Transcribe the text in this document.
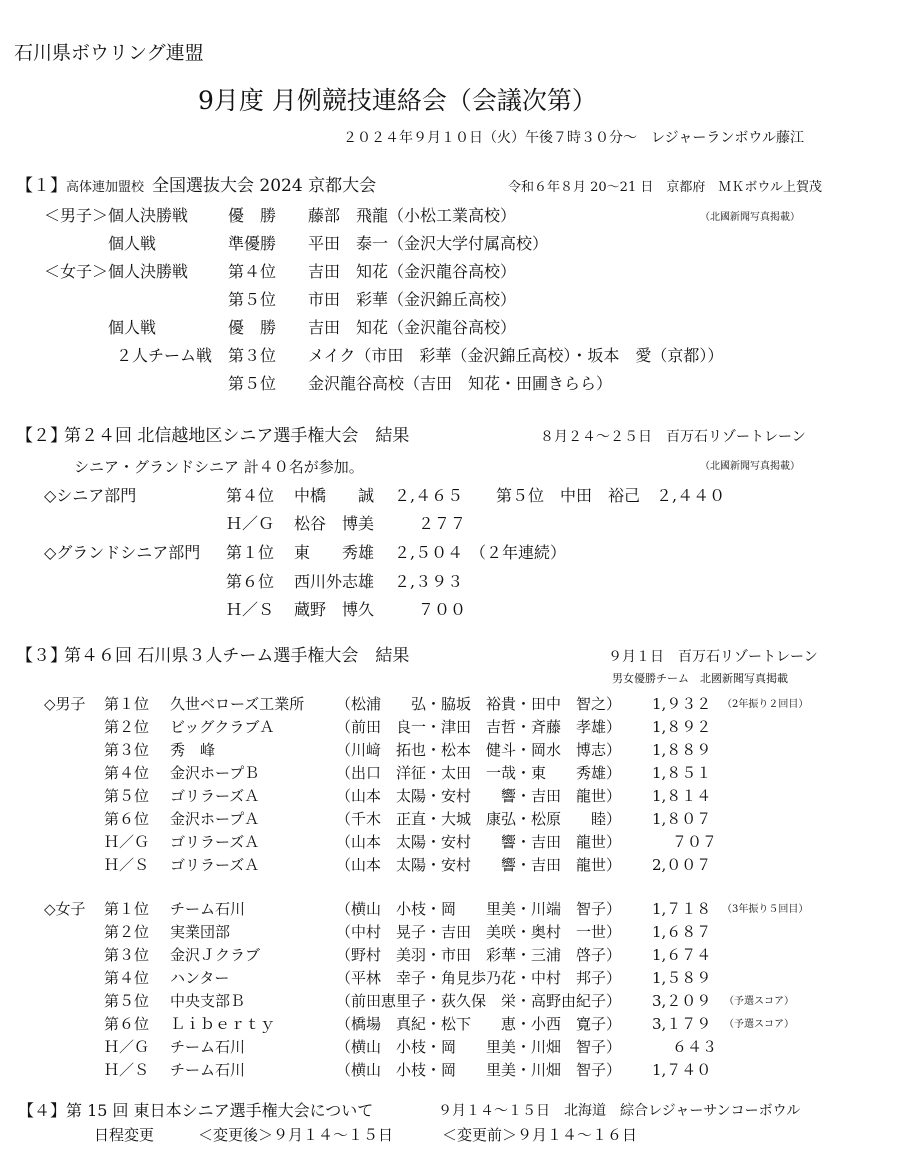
石川県ボウリング連盟
9月度 月例競技連絡会（会議次第）
２０２４年９月１０日（火）午後７時３０分～　レジャーランボウル藤江
【１】 高体連加盟校 全国選抜大会 2024 京都大会	令和６年８月 20～21 日　京都府　ＭＫボウル上賀茂
（北國新聞写真掲載）
＜男子＞個人決勝戦 優　勝 藤部　飛龍（小松工業高校）
個人戦	準優勝 平田　泰一（金沢大学付属高校）
＜女子＞個人決勝戦 第４位 吉田　知花（金沢龍谷高校）
第５位 市田　彩華（金沢錦丘高校）
個人戦	優　勝 吉田　知花（金沢龍谷高校）
２人チーム戦 第３位 メイク（市田　彩華（金沢錦丘高校）・坂本　愛（京都））
第５位 金沢龍谷高校（吉田　知花・田圃きらら）
【２】
第２４回 北信越地区シニア選手権大会　結果	８月２４～２５日　百万石リゾートレーン
シニア・グランドシニア 計４０名が参加。	（北國新聞写真掲載）
◇シニア部門	第４位 中橋　　誠 ２,４６５ 第５位　中田　裕己　２,４４０
Ｈ／Ｇ 松谷　博美	２７７
◇グランドシニア部門 第１位 東　　秀雄 ２,５０４ （２年連続）
第６位 西川外志雄 ２,３９３
Ｈ／Ｓ 蔵野　博久	７００
【３】
第４６回 石川県３人チーム選手権大会　結果	９月１日　百万石リゾートレーン
男女優勝チーム　北國新聞写真掲載
◇男子 第１位 久世ベローズ工業所 （松浦　　弘・脇坂　裕貴・田中　智之） 1,９３２ （2年振り２回目）
第２位 ビッグクラブＡ	（前田　良一・津田　吉哲・斉藤　孝雄） 1,８９２
第３位 秀　峰	（川﨑　拓也・松本　健斗・岡水　博志） 1,８８９
第４位 金沢ホープＢ	（出口　洋征・太田　一哉・東　　秀雄） 1,８５１
第５位 ゴリラーズＡ	（山本　太陽・安村　　響・吉田　龍世） 1,８１４
第６位 金沢ホープＡ	（千木　正直・大城　康弘・松原　　睦） 1,８０７
Ｈ／Ｇ ゴリラーズＡ	（山本　太陽・安村　　響・吉田　龍世）	７０７
Ｈ／Ｓ ゴリラーズＡ	（山本　太陽・安村　　響・吉田　龍世） 2,００７
◇女子 第１位 チーム石川	（横山　小枝・岡　　里美・川端　智子） 1,７１８ （3年振り５回目）
第２位 実業団部	（中村　晃子・吉田　美咲・奥村　一世） 1,６８７
第３位 金沢Ｊクラブ	（野村　美羽・市田　彩華・三浦　啓子） 1,６７４
第４位 ハンター	（平林　幸子・角見歩乃花・中村　邦子） 1,５８９
第５位 中央支部Ｂ	（前田恵里子・荻久保　栄・高野由紀子） 3,２０９ （予選スコア）
第６位 Ｌｉｂｅｒｔｙ	（橋場　真紀・松下　　恵・小西　寛子） 3,１７９ （予選スコア）
Ｈ／Ｇ チーム石川	（横山　小枝・岡　　里美・川畑　智子）	６４３
Ｈ／Ｓ チーム石川	（横山　小枝・岡　　里美・川畑　智子） 1,７４０
【４】 第 15 回 東日本シニア選手権大会について	９月１４～１５日　北海道　綜合レジャーサンコーボウル
日程変更	＜変更後＞９月１４～１５日	＜変更前＞９月１４～１６日
